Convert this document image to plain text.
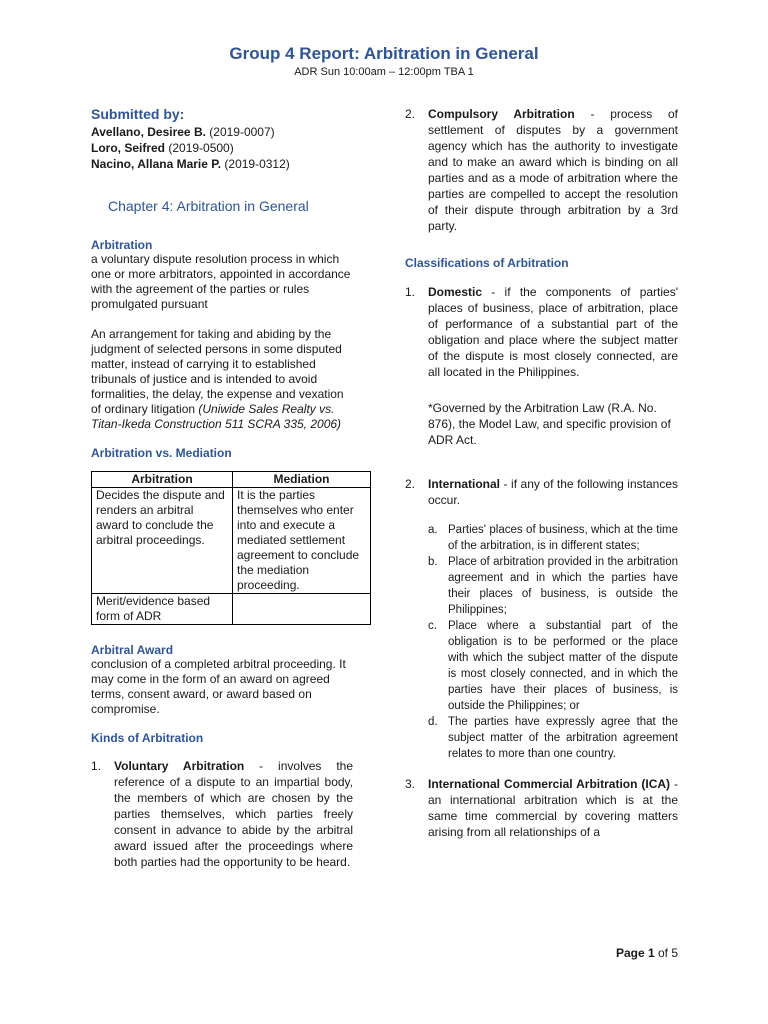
Group 4 Report: Arbitration in General
ADR Sun 10:00am – 12:00pm TBA 1
Submitted by:
Avellano, Desiree B. (2019-0007)
Loro, Seifred (2019-0500)
Nacino, Allana Marie P. (2019-0312)
Chapter 4: Arbitration in General
Arbitration
a voluntary dispute resolution process in which one or more arbitrators, appointed in accordance with the agreement of the parties or rules promulgated pursuant
An arrangement for taking and abiding by the judgment of selected persons in some disputed matter, instead of carrying it to established tribunals of justice and is intended to avoid formalities, the delay, the expense and vexation of ordinary litigation (Uniwide Sales Realty vs. Titan-Ikeda Construction 511 SCRA 335, 2006)
Arbitration vs. Mediation
Arbitration	Mediation
Decides the dispute and renders an arbitral award to conclude the arbitral proceedings.	It is the parties themselves who enter into and execute a mediated settlement agreement to conclude the mediation proceeding.
Merit/evidence based form of ADR	
Arbitral Award
conclusion of a completed arbitral proceeding. It may come in the form of an award on agreed terms, consent award, or award based on compromise.
Kinds of Arbitration
1.	Voluntary Arbitration - involves the reference of a dispute to an impartial body, the members of which are chosen by the parties themselves, which parties freely consent in advance to abide by the arbitral award issued after the proceedings where both parties had the opportunity to be heard.
2.	Compulsory Arbitration - process of settlement of disputes by a government agency which has the authority to investigate and to make an award which is binding on all parties and as a mode of arbitration where the parties are compelled to accept the resolution of their dispute through arbitration by a 3rd party.
Classifications of Arbitration
1.	Domestic - if the components of parties' places of business, place of arbitration, place of performance of a substantial part of the obligation and place where the subject matter of the dispute is most closely connected, are all located in the Philippines.
*Governed by the Arbitration Law (R.A. No. 876), the Model Law, and specific provision of ADR Act.
2.	International - if any of the following instances occur.
a. Parties' places of business, which at the time of the arbitration, is in different states;
b. Place of arbitration provided in the arbitration agreement and in which the parties have their places of business, is outside the Philippines;
c. Place where a substantial part of the obligation is to be performed or the place with which the subject matter of the dispute is most closely connected, and in which the parties have their places of business, is outside the Philippines; or
d. The parties have expressly agree that the subject matter of the arbitration agreement relates to more than one country.
3.	International Commercial Arbitration (ICA) - an international arbitration which is at the same time commercial by covering matters arising from all relationships of a
Page 1 of 5
